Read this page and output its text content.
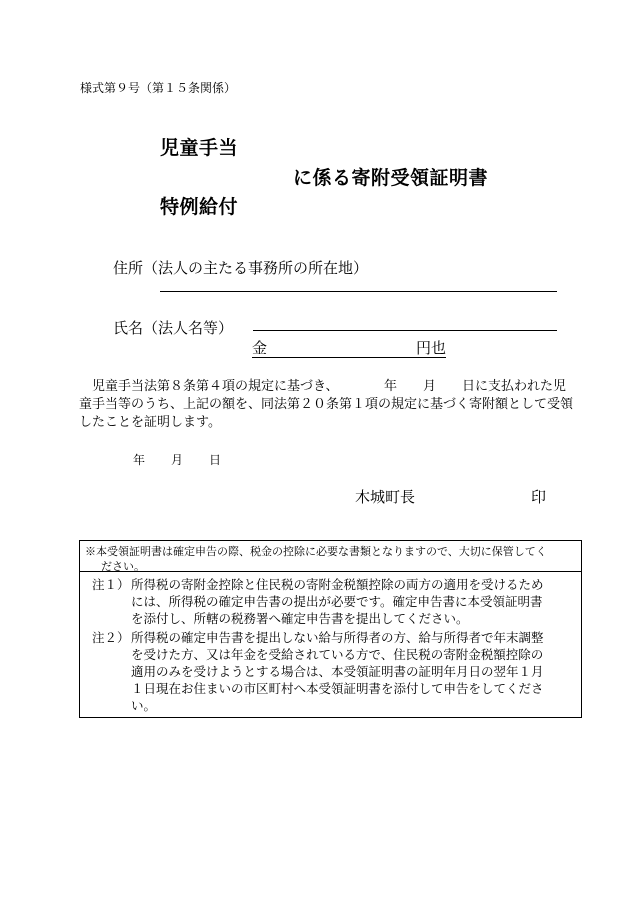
様式第９号（第１５条関係）
児童手当
に係る寄附受領証明書
特例給付
住所（法人の主たる事務所の所在地）
氏名（法人名等）
金	円也
　児童手当法第８条第４項の規定に基づき、　　　　年　　月　　日に支払われた児
童手当等のうち、上記の額を、同法第２０条第１項の規定に基づく寄附額として受領
したことを証明します。
年 月 日
木城町長	印
※本受領証明書は確定申告の際、税金の控除に必要な書類となりますので、大切に保管してく
ださい。
注１） 所得税の寄附金控除と住民税の寄附金税額控除の両方の適用を受けるため
には、所得税の確定申告書の提出が必要です。確定申告書に本受領証明書
を添付し、所轄の税務署へ確定申告書を提出してください。
注２） 所得税の確定申告書を提出しない給与所得者の方、給与所得者で年末調整
を受けた方、又は年金を受給されている方で、住民税の寄附金税額控除の
適用のみを受けようとする場合は、本受領証明書の証明年月日の翌年１月
１日現在お住まいの市区町村へ本受領証明書を添付して申告をしてくださ
い。
